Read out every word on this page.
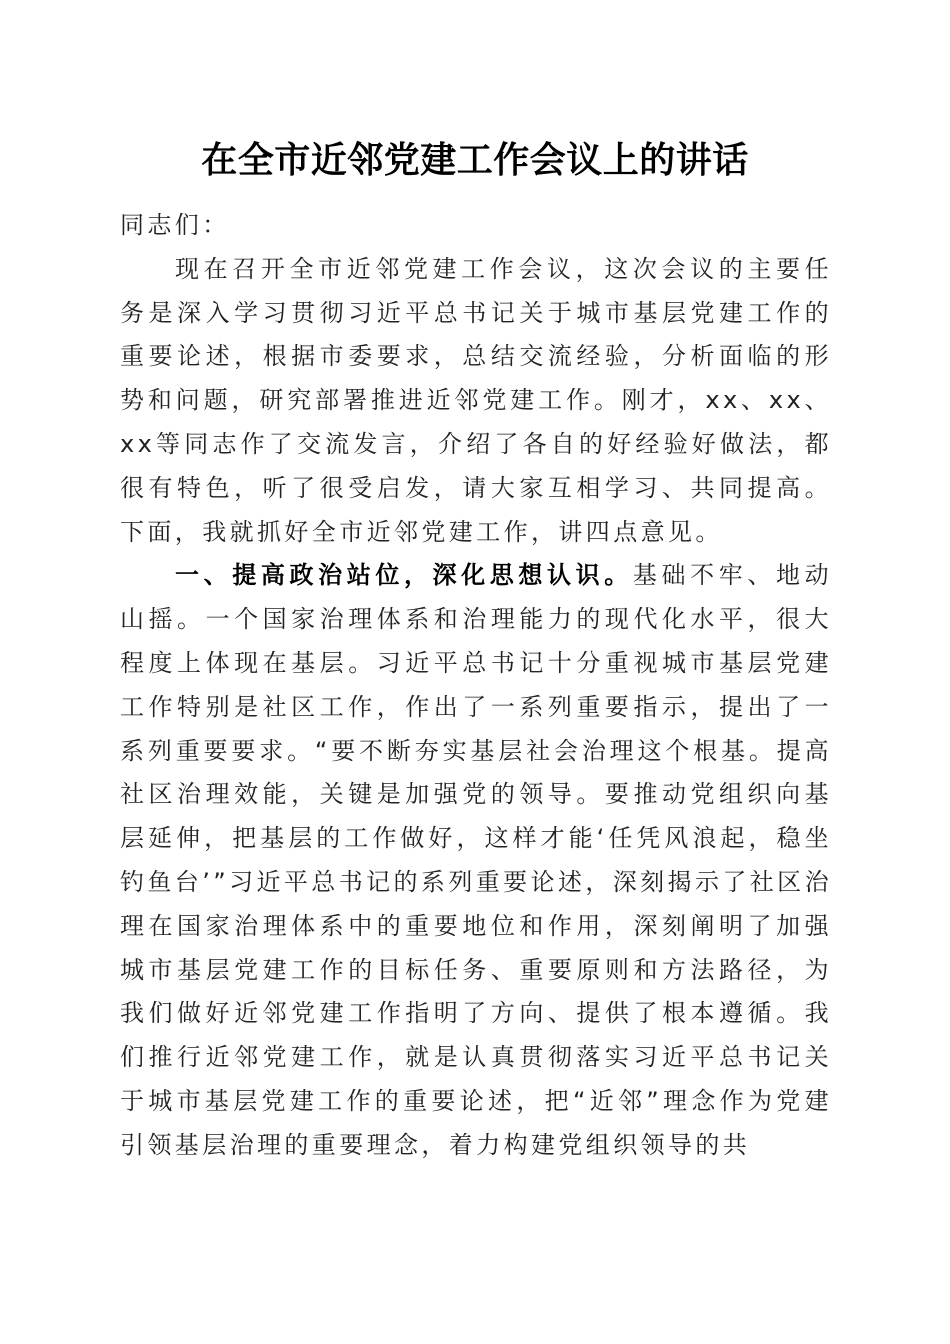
在全市近邻党建工作会议上的讲话

同志们：

现在召开全市近邻党建工作会议，这次会议的主要任务是深入学习贯彻习近平总书记关于城市基层党建工作的重要论述，根据市委要求，总结交流经验，分析面临的形势和问题，研究部署推进近邻党建工作。刚才，xx、xx、xx等同志作了交流发言，介绍了各自的好经验好做法，都很有特色，听了很受启发，请大家互相学习、共同提高。下面，我就抓好全市近邻党建工作，讲四点意见。

一、提高政治站位，深化思想认识。基础不牢、地动山摇。一个国家治理体系和治理能力的现代化水平，很大程度上体现在基层。习近平总书记十分重视城市基层党建工作特别是社区工作，作出了一系列重要指示，提出了一系列重要要求。“要不断夯实基层社会治理这个根基。提高社区治理效能，关键是加强党的领导。要推动党组织向基层延伸，把基层的工作做好，这样才能‘任凭风浪起，稳坐钓鱼台’”习近平总书记的系列重要论述，深刻揭示了社区治理在国家治理体系中的重要地位和作用，深刻阐明了加强城市基层党建工作的目标任务、重要原则和方法路径，为我们做好近邻党建工作指明了方向、提供了根本遵循。我们推行近邻党建工作，就是认真贯彻落实习近平总书记关于城市基层党建工作的重要论述，把“近邻”理念作为党建引领基层治理的重要理念，着力构建党组织领导的共
